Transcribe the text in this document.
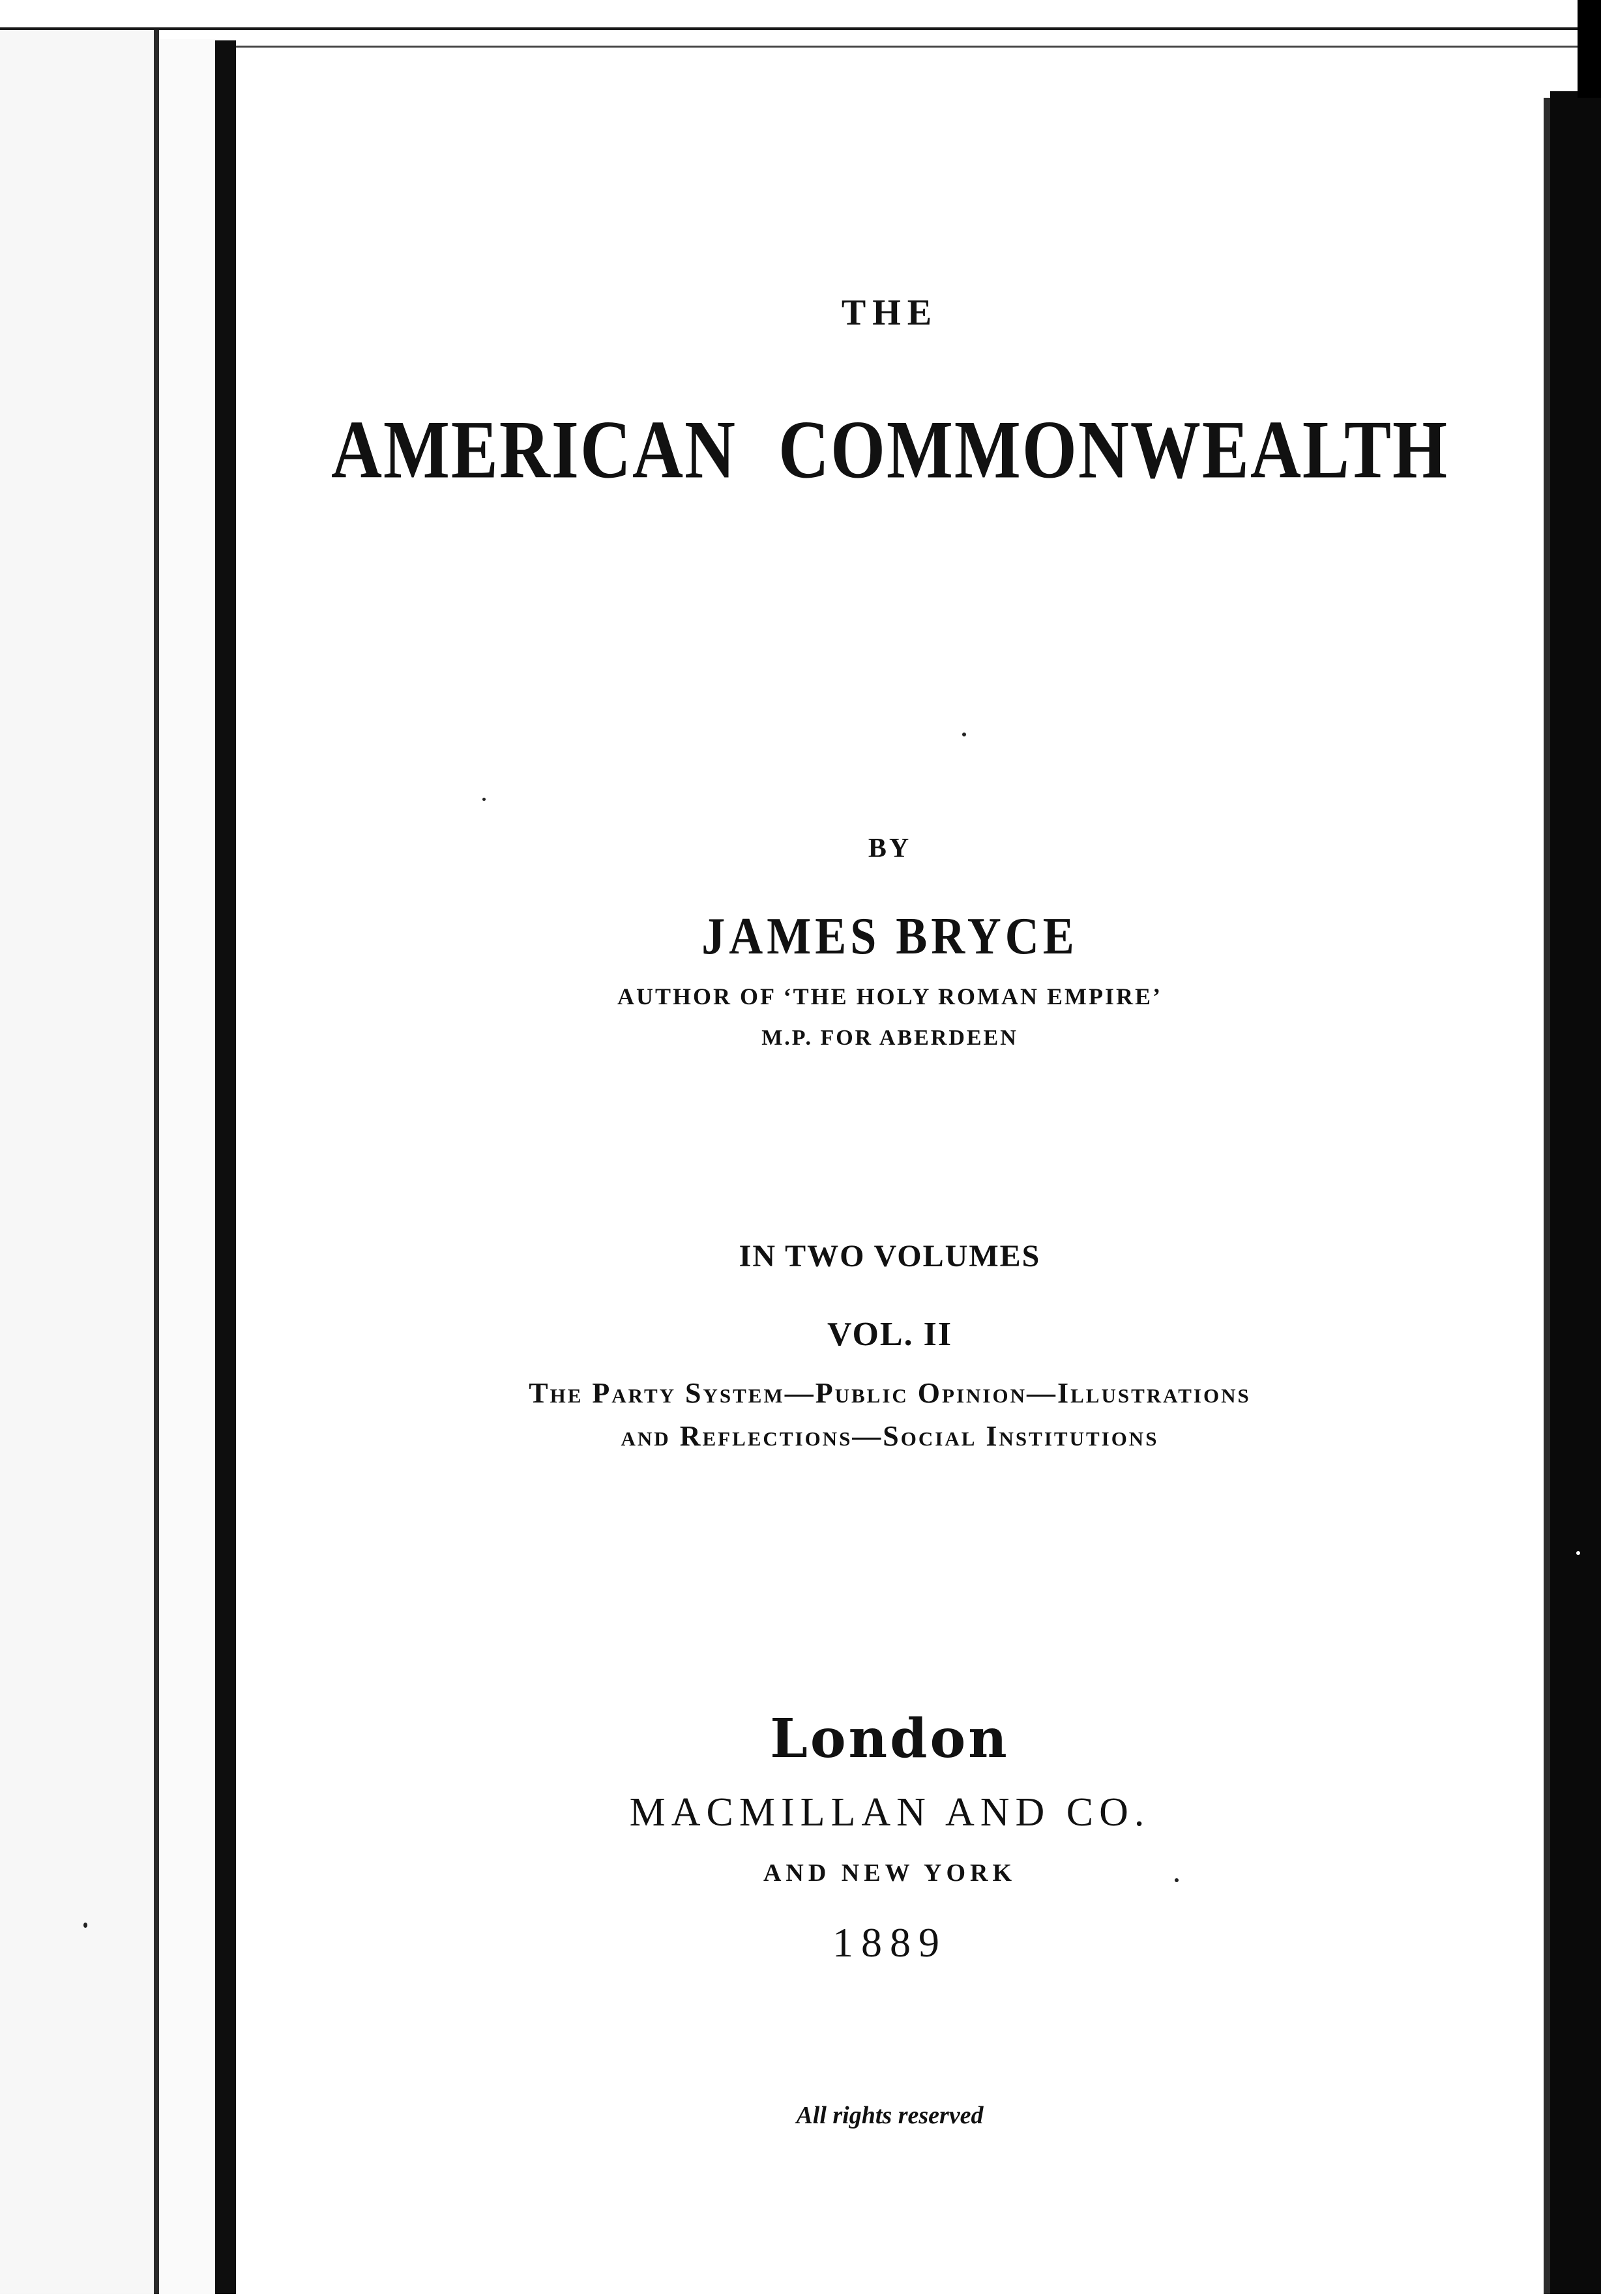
THE

AMERICAN COMMONWEALTH

BY

JAMES BRYCE

AUTHOR OF ‘THE HOLY ROMAN EMPIRE’

M.P. FOR ABERDEEN

IN TWO VOLUMES

VOL. II

The Party System—Public Opinion—Illustrations

and Reflections—Social Institutions

London

MACMILLAN AND CO.

AND NEW YORK

1889

All rights reserved
